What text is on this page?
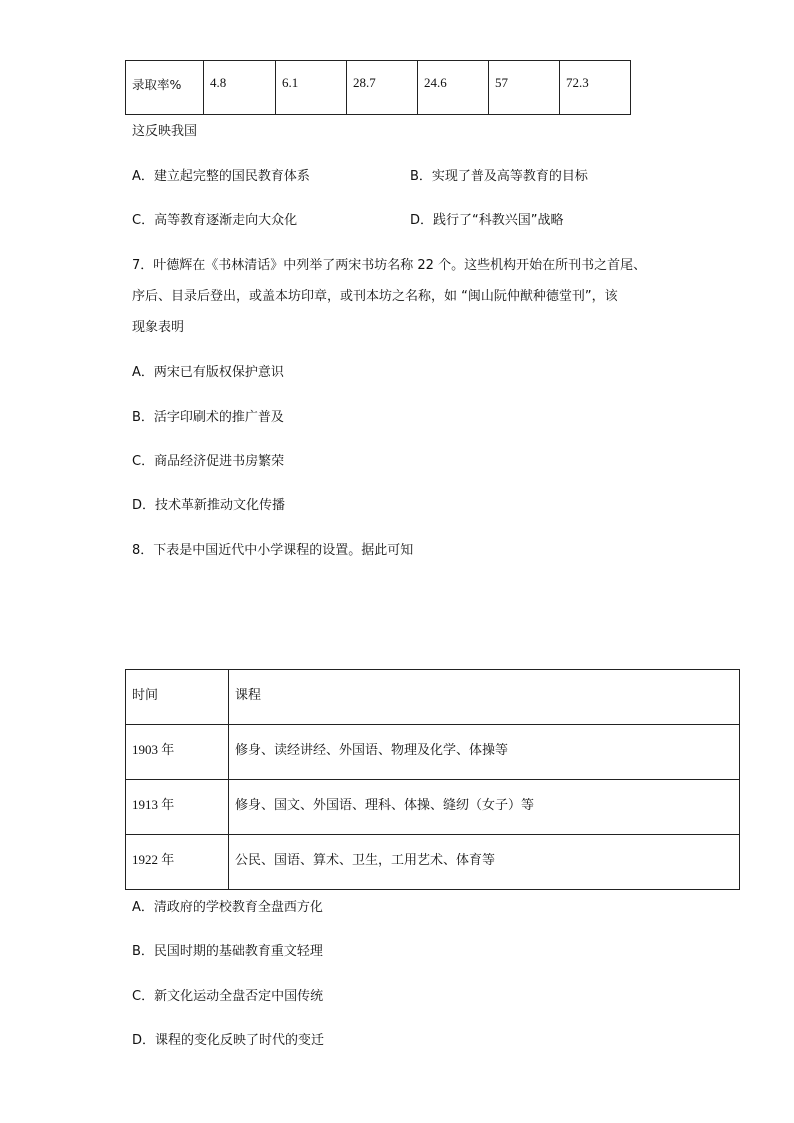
录取率%	4.8	6.1	28.7	24.6	57	72.3
这反映我国
A．建立起完整的国民教育体系	B．实现了普及高等教育的目标
C．高等教育逐渐走向大众化	D．践行了“科教兴国”战略
7．叶德辉在《书林清话》中列举了两宋书坊名称 22 个。这些机构开始在所刊书之首尾、
序后、目录后登出，或盖本坊印章，或刊本坊之名称，如 “闽山阮仲猷种德堂刊”，该
现象表明
A．两宋已有版权保护意识
B．活字印刷术的推广普及
C．商品经济促进书房繁荣
D．技术革新推动文化传播
8．下表是中国近代中小学课程的设置。据此可知
时间	课程
1903 年	修身、读经讲经、外国语、物理及化学、体操等
1913 年	修身、国文、外国语、理科、体操、缝纫（女子）等
1922 年	公民、国语、算术、卫生，工用艺术、体育等
A．清政府的学校教育全盘西方化
B．民国时期的基础教育重文轻理
C．新文化运动全盘否定中国传统
D．课程的变化反映了时代的变迁
